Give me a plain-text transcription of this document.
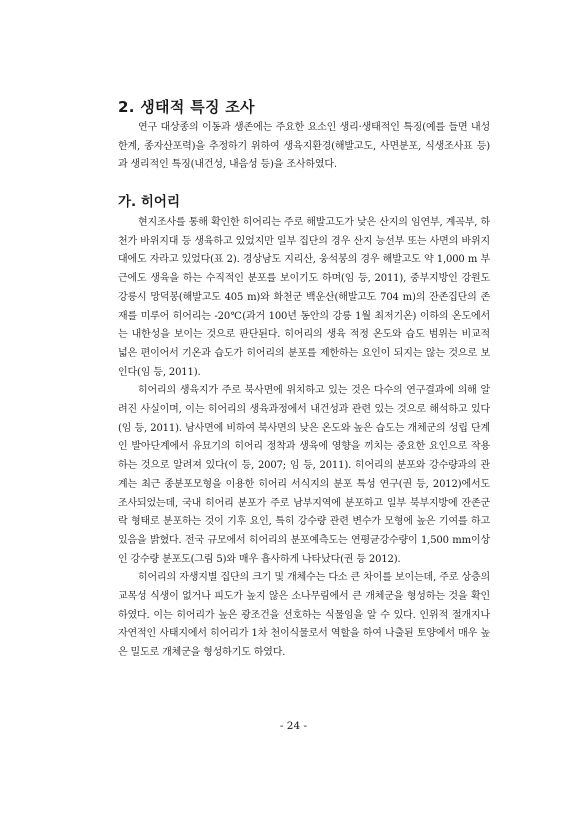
2. 생태적 특징 조사

연구 대상종의 이동과 생존에는 주요한 요소인 생리·생태적인 특징(예를 들면 내성한계, 종자산포력)을 추정하기 위하여 생육지환경(해발고도, 사면분포, 식생조사표 등)과 생리적인 특징(내건성, 내음성 등)을 조사하였다.

가. 히어리

현지조사를 통해 확인한 히어리는 주로 해발고도가 낮은 산지의 임연부, 계곡부, 하천가 바위지대 등 생육하고 있었지만 일부 집단의 경우 산지 능선부 또는 사면의 바위지대에도 자라고 있었다(표 2). 경상남도 지리산, 웅석봉의 경우 해발고도 약 1,000 m 부근에도 생육을 하는 수직적인 분포를 보이기도 하며(임 등, 2011), 중부지방인 강원도 강릉시 망덕봉(해발고도 405 m)와 화천군 백운산(해발고도 704 m)의 잔존집단의 존재를 미루어 히어리는 -20℃(과거 100년 동안의 강릉 1월 최저기온) 이하의 온도에서는 내한성을 보이는 것으로 판단된다. 히어리의 생육 적정 온도와 습도 범위는 비교적 넓은 편이어서 기온과 습도가 히어리의 분포를 제한하는 요인이 되지는 않는 것으로 보인다(임 등, 2011).

히어리의 생육지가 주로 북사면에 위치하고 있는 것은 다수의 연구결과에 의해 알려진 사실이며, 이는 히어리의 생육과정에서 내건성과 관련 있는 것으로 해석하고 있다(임 등, 2011). 남사면에 비하여 북사면의 낮은 온도와 높은 습도는 개체군의 성립 단계인 발아단계에서 유묘기의 히어리 정착과 생육에 영향을 끼치는 중요한 요인으로 작용하는 것으로 알려져 있다(이 등, 2007; 임 등, 2011). 히어리의 분포와 강수량과의 관계는 최근 종분포모형을 이용한 히어리 서식지의 분포 특성 연구(권 등, 2012)에서도 조사되었는데, 국내 히어리 분포가 주로 남부지역에 분포하고 일부 북부지방에 잔존군락 형태로 분포하는 것이 기후 요인, 특히 강수량 관련 변수가 모형에 높은 기여를 하고 있음을 밝혔다. 전국 규모에서 히어리의 분포예측도는 연평균강수량이 1,500 mm이상인 강수량 분포도(그림 5)와 매우 흡사하게 나타났다(권 등 2012).

히어리의 자생지별 집단의 크기 및 개체수는 다소 큰 차이를 보이는데, 주로 상층의 교목성 식생이 없거나 피도가 높지 않은 소나무림에서 큰 개체군을 형성하는 것을 확인하였다. 이는 히어리가 높은 광조건을 선호하는 식물임을 알 수 있다. 인위적 절개지나 자연적인 사태지에서 히어리가 1차 천이식물로서 역할을 하여 나출된 토양에서 매우 높은 밀도로 개체군을 형성하기도 하였다.

- 24 -
